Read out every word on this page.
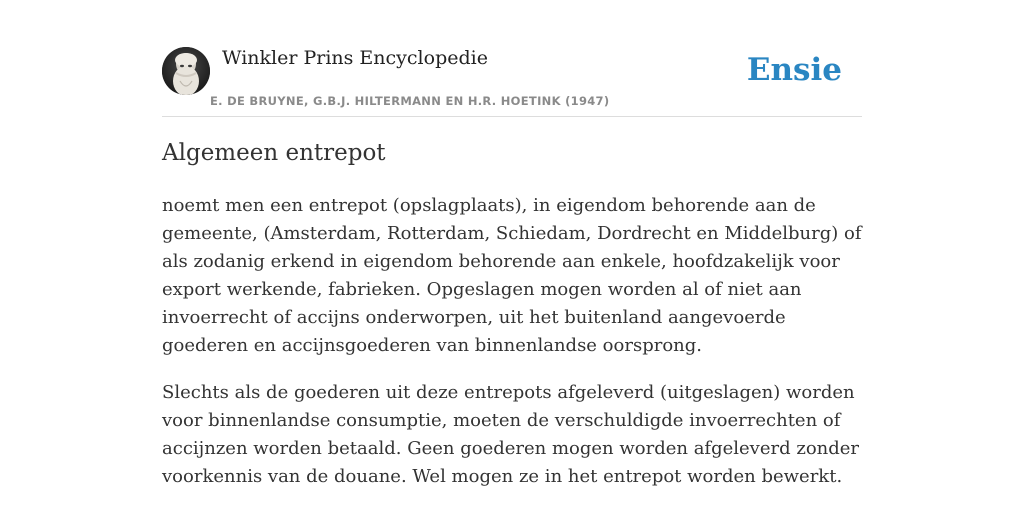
Winkler Prins Encyclopedie
E. DE BRUYNE, G.B.J. HILTERMANN EN H.R. HOETINK (1947)
Ensie
Algemeen entrepot

noemt men een entrepot (opslagplaats), in eigendom behorende aan de gemeente, (Amsterdam, Rotterdam, Schiedam, Dordrecht en Middelburg) of als zodanig erkend in eigendom behorende aan enkele, hoofdzakelijk voor export werkende, fabrieken. Opgeslagen mogen worden al of niet aan invoerrecht of accijns onderworpen, uit het buitenland aangevoerde goederen en accijnsgoederen van binnenlandse oorsprong.

Slechts als de goederen uit deze entrepots afgeleverd (uitgeslagen) worden voor binnenlandse consumptie, moeten de verschuldigde invoerrechten of accijnzen worden betaald. Geen goederen mogen worden afgeleverd zonder voorkennis van de douane. Wel mogen ze in het entrepot worden bewerkt.
